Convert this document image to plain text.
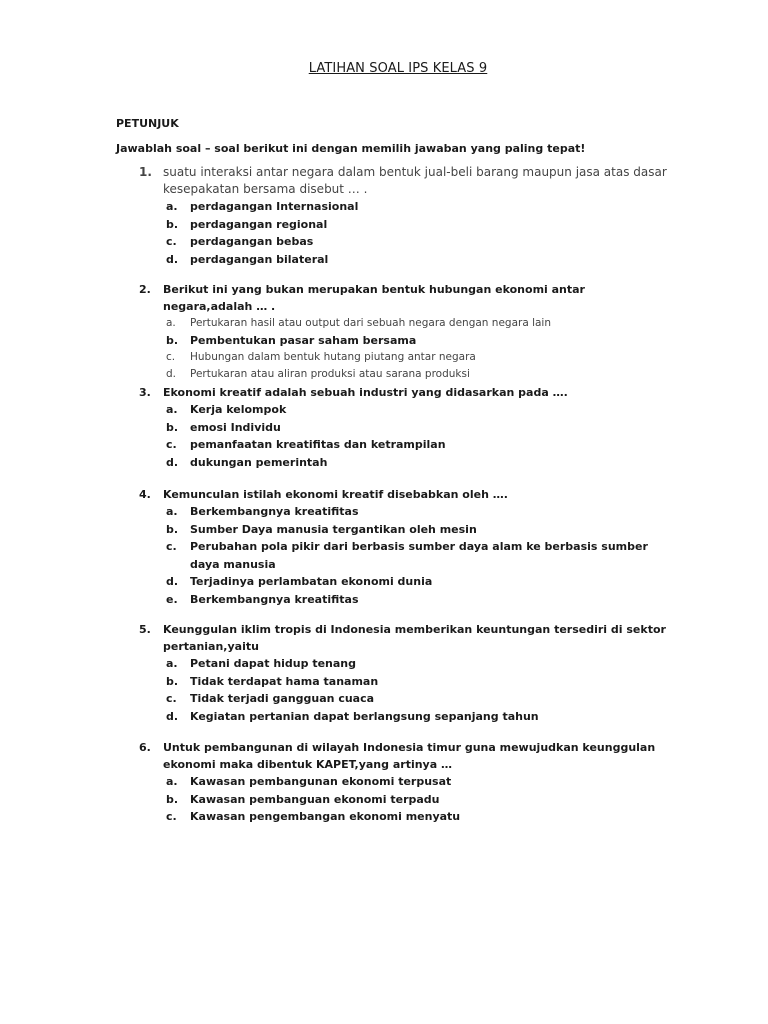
LATIHAN SOAL IPS KELAS 9

PETUNJUK

Jawablah soal – soal berikut ini dengan memilih jawaban yang paling tepat!

1. suatu interaksi antar negara dalam bentuk jual-beli barang maupun jasa atas dasar kesepakatan bersama disebut … .
a. perdagangan Internasional
b. perdagangan regional
c. perdagangan bebas
d. perdagangan bilateral
2. Berikut ini yang bukan merupakan bentuk hubungan ekonomi antar negara,adalah … .
a. Pertukaran hasil atau output dari sebuah negara dengan negara lain
b. Pembentukan pasar saham bersama
c. Hubungan dalam bentuk hutang piutang antar negara
d. Pertukaran atau aliran produksi atau sarana produksi
3. Ekonomi kreatif adalah sebuah industri yang didasarkan pada ….
a. Kerja kelompok
b. emosi Individu
c. pemanfaatan kreatifitas dan ketrampilan
d. dukungan pemerintah
4. Kemunculan istilah ekonomi kreatif disebabkan oleh ….
a. Berkembangnya kreatifitas
b. Sumber Daya manusia tergantikan oleh mesin
c. Perubahan pola pikir dari berbasis sumber daya alam ke berbasis sumber daya manusia
d. Terjadinya perlambatan ekonomi dunia
e. Berkembangnya kreatifitas
5. Keunggulan iklim tropis di Indonesia memberikan keuntungan tersediri di sektor pertanian,yaitu
a. Petani dapat hidup tenang
b. Tidak terdapat hama tanaman
c. Tidak terjadi gangguan cuaca
d. Kegiatan pertanian dapat berlangsung sepanjang tahun
6. Untuk pembangunan di wilayah Indonesia timur guna mewujudkan keunggulan ekonomi maka dibentuk KAPET,yang artinya …
a. Kawasan pembangunan ekonomi terpusat
b. Kawasan pembanguan ekonomi terpadu
c. Kawasan pengembangan ekonomi menyatu
